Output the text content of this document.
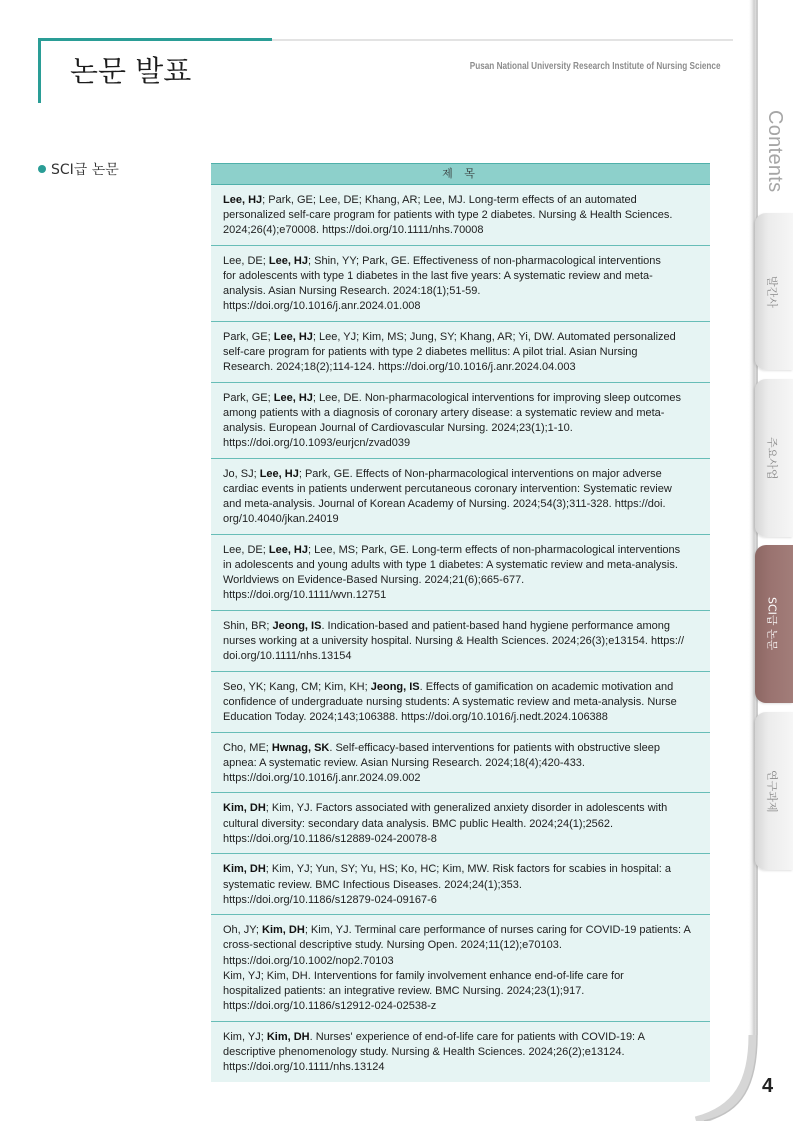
논문 발표	Pusan National University Research Institute of Nursing Science
SCI급 논문	제 목
Lee, HJ; Park, GE; Lee, DE; Khang, AR; Lee, MJ. Long-term effects of an automated
personalized self-care program for patients with type 2 diabetes. Nursing & Health Sciences.
2024;26(4);e70008. https://doi.org/10.1111/nhs.70008
Lee, DE; Lee, HJ; Shin, YY; Park, GE. Effectiveness of non-pharmacological interventions
for adolescents with type 1 diabetes in the last five years: A systematic review and meta-
analysis. Asian Nursing Research. 2024:18(1);51-59.
https://doi.org/10.1016/j.anr.2024.01.008
Park, GE; Lee, HJ; Lee, YJ; Kim, MS; Jung, SY; Khang, AR; Yi, DW. Automated personalized
self-care program for patients with type 2 diabetes mellitus: A pilot trial. Asian Nursing
Research. 2024;18(2);114-124. https://doi.org/10.1016/j.anr.2024.04.003
Park, GE; Lee, HJ; Lee, DE. Non-pharmacological interventions for improving sleep outcomes
among patients with a diagnosis of coronary artery disease: a systematic review and meta-
analysis. European Journal of Cardiovascular Nursing. 2024;23(1);1-10.
https://doi.org/10.1093/eurjcn/zvad039
Jo, SJ; Lee, HJ; Park, GE. Effects of Non-pharmacological interventions on major adverse
cardiac events in patients underwent percutaneous coronary intervention: Systematic review
and meta-analysis. Journal of Korean Academy of Nursing. 2024;54(3);311-328. https://doi.
org/10.4040/jkan.24019
Lee, DE; Lee, HJ; Lee, MS; Park, GE. Long-term effects of non-pharmacological interventions
in adolescents and young adults with type 1 diabetes: A systematic review and meta-analysis.
Worldviews on Evidence-Based Nursing. 2024;21(6);665-677.
https://doi.org/10.1111/wvn.12751
Shin, BR; Jeong, IS. Indication-based and patient-based hand hygiene performance among
nurses working at a university hospital. Nursing & Health Sciences. 2024;26(3);e13154. https://
doi.org/10.1111/nhs.13154
Seo, YK; Kang, CM; Kim, KH; Jeong, IS. Effects of gamification on academic motivation and
confidence of undergraduate nursing students: A systematic review and meta-analysis. Nurse
Education Today. 2024;143;106388. https://doi.org/10.1016/j.nedt.2024.106388
Cho, ME; Hwnag, SK. Self-efficacy-based interventions for patients with obstructive sleep
apnea: A systematic review. Asian Nursing Research. 2024;18(4);420-433.
https://doi.org/10.1016/j.anr.2024.09.002
Kim, DH; Kim, YJ. Factors associated with generalized anxiety disorder in adolescents with
cultural diversity: secondary data analysis. BMC public Health. 2024;24(1);2562.
https://doi.org/10.1186/s12889-024-20078-8
Kim, DH; Kim, YJ; Yun, SY; Yu, HS; Ko, HC; Kim, MW. Risk factors for scabies in hospital: a
systematic review. BMC Infectious Diseases. 2024;24(1);353.
https://doi.org/10.1186/s12879-024-09167-6
Oh, JY; Kim, DH; Kim, YJ. Terminal care performance of nurses caring for COVID-19 patients: A
cross-sectional descriptive study. Nursing Open. 2024;11(12);e70103.
https://doi.org/10.1002/nop2.70103
Kim, YJ; Kim, DH. Interventions for family involvement enhance end-of-life care for
hospitalized patients: an integrative review. BMC Nursing. 2024;23(1);917.
https://doi.org/10.1186/s12912-024-02538-z
Kim, YJ; Kim, DH. Nurses' experience of end-of-life care for patients with COVID-19: A
descriptive phenomenology study. Nursing & Health Sciences. 2024;26(2);e13124.
https://doi.org/10.1111/nhs.13124
Contents
발간사
주요사업
SCI급 논문
연구과제
4
